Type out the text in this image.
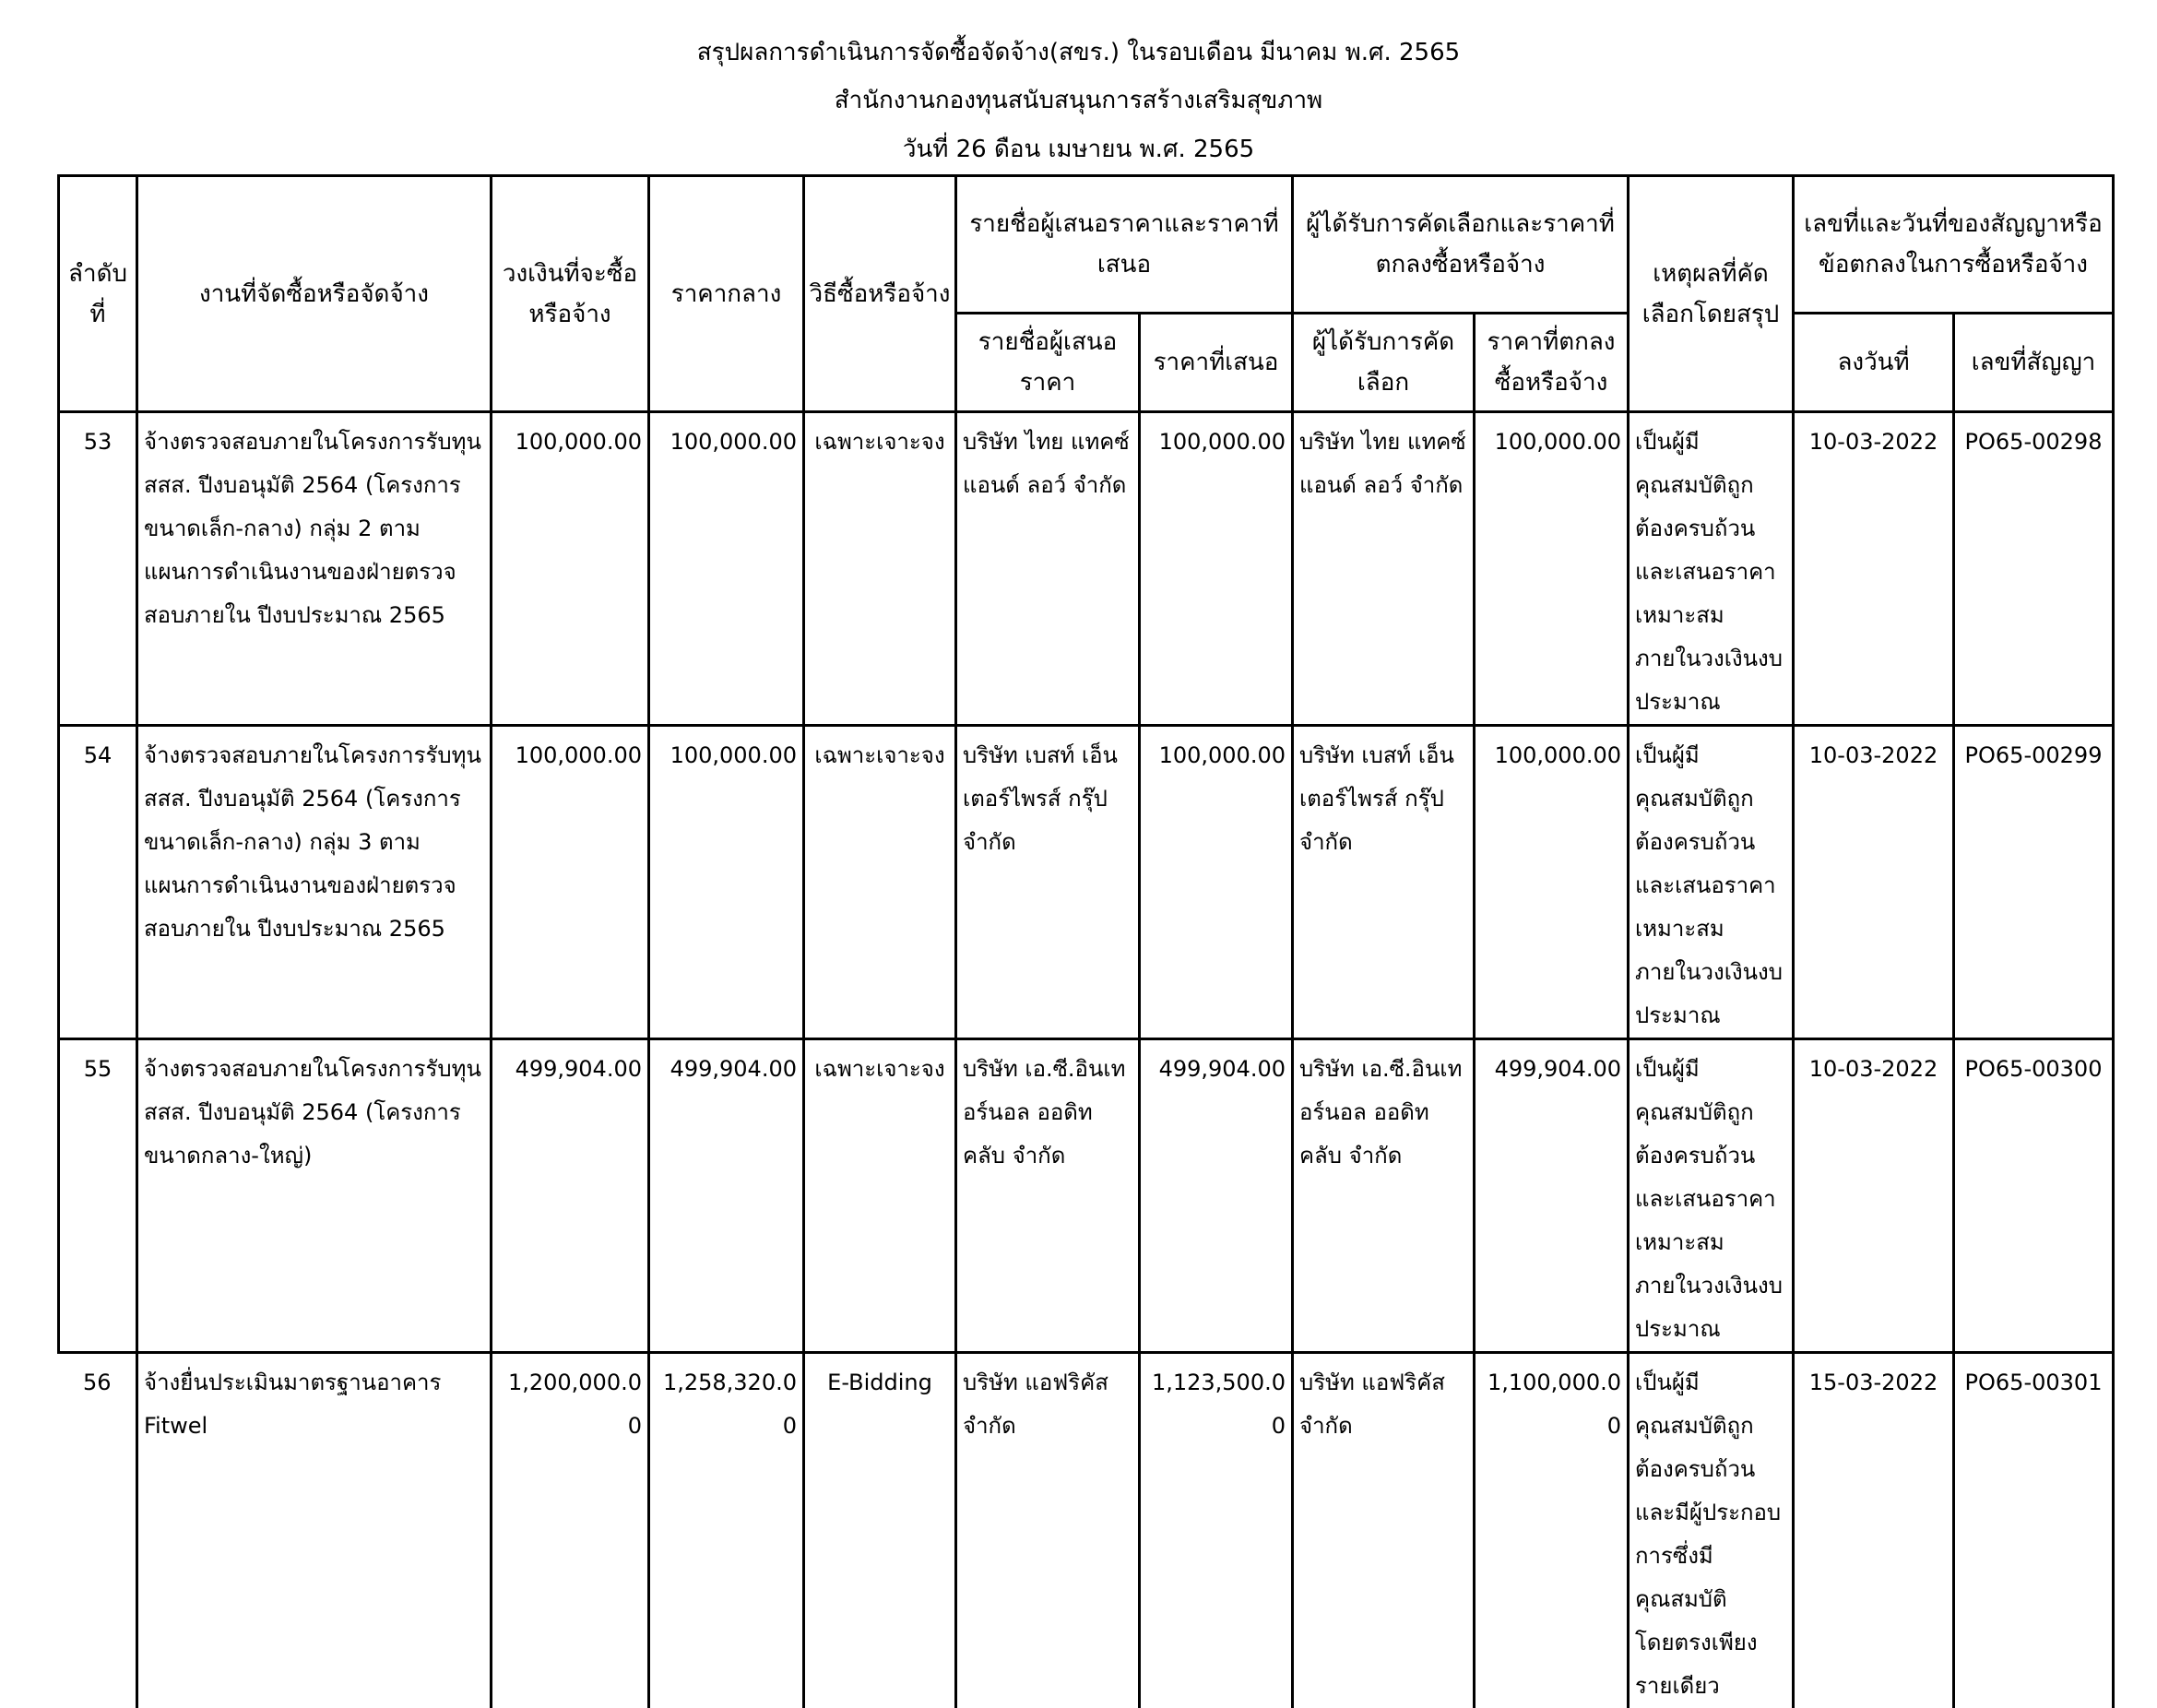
สรุปผลการดำเนินการจัดซื้อจัดจ้าง(สขร.) ในรอบเดือน มีนาคม พ.ศ. 2565
สำนักงานกองทุนสนับสนุนการสร้างเสริมสุขภาพ
วันที่ 26 ดือน เมษายน พ.ศ. 2565
ลำดับที่	งานที่จัดซื้อหรือจัดจ้าง	วงเงินที่จะซื้อหรือจ้าง	ราคากลาง	วิธีซื้อหรือจ้าง	รายชื่อผู้เสนอราคาและราคาที่เสนอ		ผู้ได้รับการคัดเลือกและราคาที่ตกลงซื้อหรือจ้าง		เหตุผลที่คัดเลือกโดยสรุป	เลขที่และวันที่ของสัญญาหรือข้อตกลงในการซื้อหรือจ้าง	
					รายชื่อผู้เสนอราคา	ราคาที่เสนอ	ผู้ได้รับการคัดเลือก	ราคาที่ตกลงซื้อหรือจ้าง		ลงวันที่	เลขที่สัญญา
53	จ้างตรวจสอบภายในโครงการรับทุน สสส. ปีงบอนุมัติ 2564 (โครงการขนาดเล็ก-กลาง) กลุ่ม 2 ตามแผนการดำเนินงานของฝ่ายตรวจสอบภายใน ปีงบประมาณ 2565	100,000.00	100,000.00	เฉพาะเจาะจง	บริษัท ไทย แทคซ์ แอนด์ ลอว์ จำกัด	100,000.00	บริษัท ไทย แทคซ์ แอนด์ ลอว์ จำกัด	100,000.00	เป็นผู้มีคุณสมบัติถูกต้องครบถ้วนและเสนอราคาเหมาะสมภายในวงเงินงบประมาณ	10-03-2022	PO65-00298
54	จ้างตรวจสอบภายในโครงการรับทุน สสส. ปีงบอนุมัติ 2564 (โครงการขนาดเล็ก-กลาง) กลุ่ม 3 ตามแผนการดำเนินงานของฝ่ายตรวจสอบภายใน ปีงบประมาณ 2565	100,000.00	100,000.00	เฉพาะเจาะจง	บริษัท เบสท์ เอ็นเตอร์ไพรส์ กรุ๊ป จำกัด	100,000.00	บริษัท เบสท์ เอ็นเตอร์ไพรส์ กรุ๊ป จำกัด	100,000.00	เป็นผู้มีคุณสมบัติถูกต้องครบถ้วนและเสนอราคาเหมาะสมภายในวงเงินงบประมาณ	10-03-2022	PO65-00299
55	จ้างตรวจสอบภายในโครงการรับทุน สสส. ปีงบอนุมัติ 2564 (โครงการขนาดกลาง-ใหญ่)	499,904.00	499,904.00	เฉพาะเจาะจง	บริษัท เอ.ซี.อินเทอร์นอล ออดิท คลับ จำกัด	499,904.00	บริษัท เอ.ซี.อินเทอร์นอล ออดิท คลับ จำกัด	499,904.00	เป็นผู้มีคุณสมบัติถูกต้องครบถ้วนและเสนอราคาเหมาะสมภายในวงเงินงบประมาณ	10-03-2022	PO65-00300
56	จ้างยื่นประเมินมาตรฐานอาคาร Fitwel	1,200,000.00	1,258,320.00	E-Bidding	บริษัท แอฟริคัส จำกัด	1,123,500.00	บริษัท แอฟริคัส จำกัด	1,100,000.00	เป็นผู้มีคุณสมบัติถูกต้องครบถ้วนและมีผู้ประกอบการซึ่งมีคุณสมบัติโดยตรงเพียงรายเดียว	15-03-2022	PO65-00301
